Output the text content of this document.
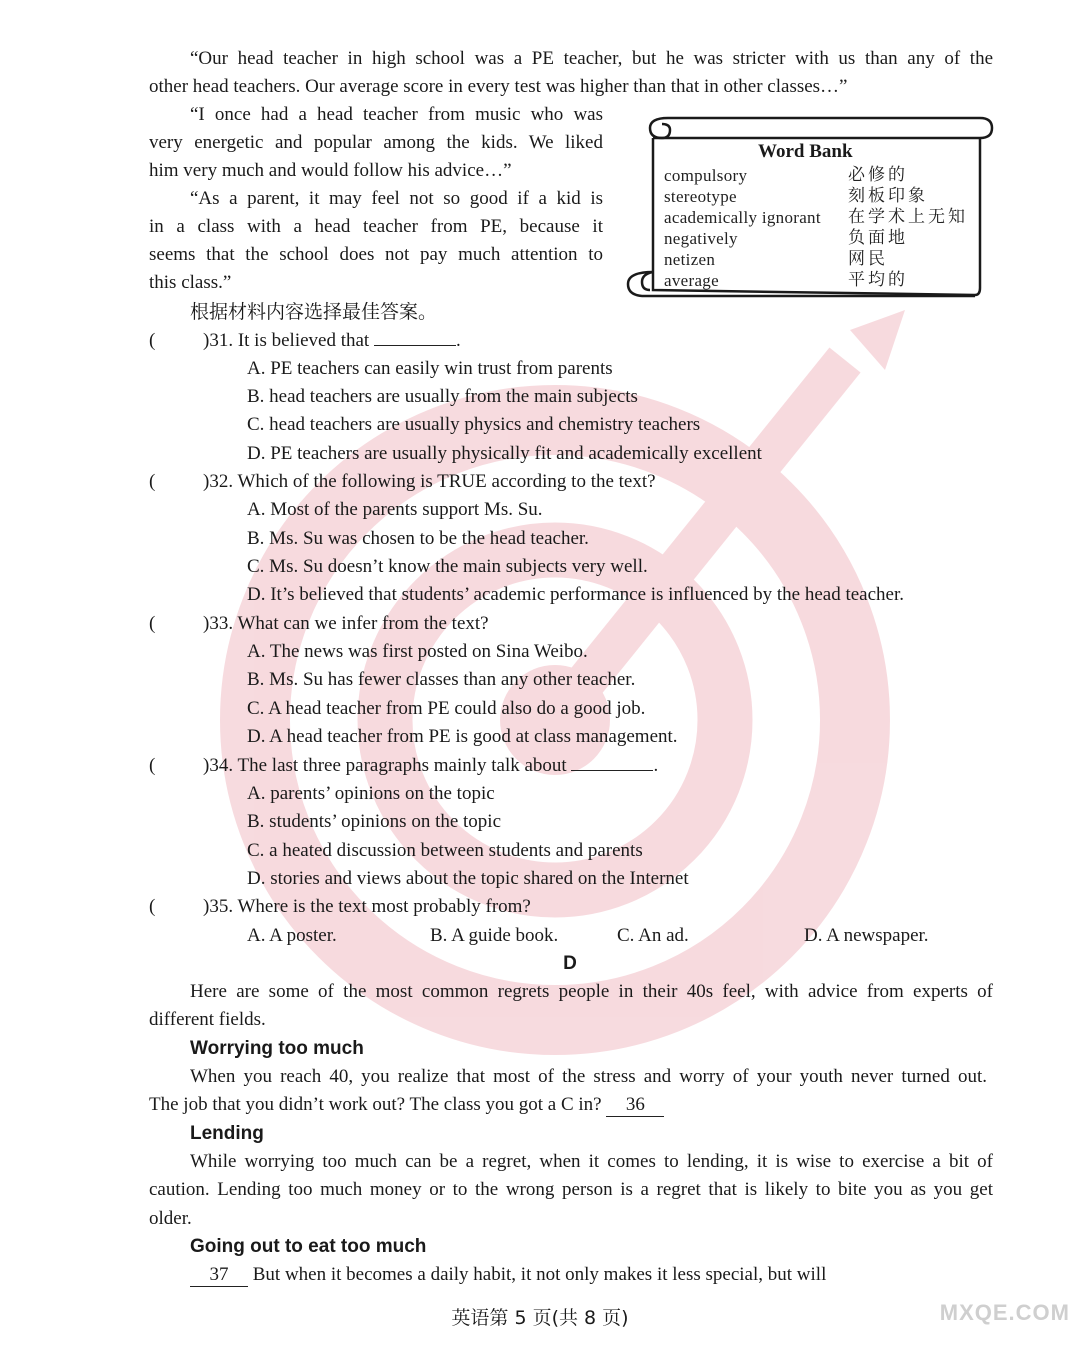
“Our head teacher in high school was a PE teacher, but he was stricter with us than any of the
other head teachers. Our average score in every test was higher than that in other classes…”
“I once had a head teacher from music who was
very energetic and popular among the kids. We liked
him very much and would follow his advice…”
“As a parent, it may feel not so good if a kid is
in a class with a head teacher from PE, because it
seems that the school does not pay much attention to
this class.”
根据材料内容选择最佳答案。
Word Bank
compulsory	必修的
stereotype	刻板印象
academically ignorant 在学术上无知
negatively	负面地
netizen	网民
average	平均的
(	)31. It is believed that	.
A. PE teachers can easily win trust from parents
B. head teachers are usually from the main subjects
C. head teachers are usually physics and chemistry teachers
D. PE teachers are usually physically fit and academically excellent
(	)32. Which of the following is TRUE according to the text?
A. Most of the parents support Ms. Su.
B. Ms. Su was chosen to be the head teacher.
C. Ms. Su doesn’t know the main subjects very well.
D. It’s believed that students’ academic performance is influenced by the head teacher.
(	)33. What can we infer from the text?
A. The news was first posted on Sina Weibo.
B. Ms. Su has fewer classes than any other teacher.
C. A head teacher from PE could also do a good job.
D. A head teacher from PE is good at class management.
(	)34. The last three paragraphs mainly talk about	.
A. parents’ opinions on the topic
B. students’ opinions on the topic
C. a heated discussion between students and parents
D. stories and views about the topic shared on the Internet
(	)35. Where is the text most probably from?
A. A poster.	B. A guide book.	C. An ad.	D. A newspaper.
D
Here are some of the most common regrets people in their 40s feel, with advice from experts of
different fields.
Worrying too much
When you reach 40, you realize that most of the stress and worry of your youth never turned out.
The job that you didn’t work out? The class you got a C in? 36
Lending
While worrying too much can be a regret, when it comes to lending, it is wise to exercise a bit of
caution. Lending too much money or to the wrong person is a regret that is likely to bite you as you get
older.
Going out to eat too much
37 But when it becomes a daily habit, it not only makes it less special, but will
英语第 5 页(共 8 页)	MXQE.COM
